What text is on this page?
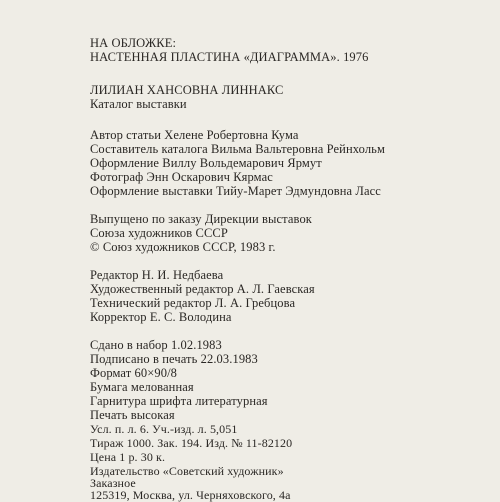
НА ОБЛОЖКЕ:
НАСТЕННАЯ ПЛАСТИНА «ДИАГРАММА». 1976
ЛИЛИАН ХАНСОВНА ЛИННАКС
Каталог выставки
Автор статьи Хелене Робертовна Кума
Составитель каталога Вильма Вальтеровна Рейнхольм
Оформление Виллу Вольдемарович Ярмут
Фотограф Энн Оскарович Кярмас
Оформление выставки Тийу-Марет Эдмундовна Ласс
Выпущено по заказу Дирекции выставок
Союза художников СССР
© Союз художников СССР, 1983 г.
Редактор Н. И. Недбаева
Художественный редактор А. Л. Гаевская
Технический редактор Л. А. Гребцова
Корректор Е. С. Володина
Сдано в набор 1.02.1983
Подписано в печать 22.03.1983
Формат 60×90/8
Бумага мелованная
Гарнитура шрифта литературная
Печать высокая
Усл. п. л. 6. Уч.-изд. л. 5,051
Тираж 1000. Зак. 194. Изд. № 11-82120
Цена 1 р. 30 к.
Издательство «Советский художник»
Заказное
125319, Москва, ул. Черняховского, 4а
